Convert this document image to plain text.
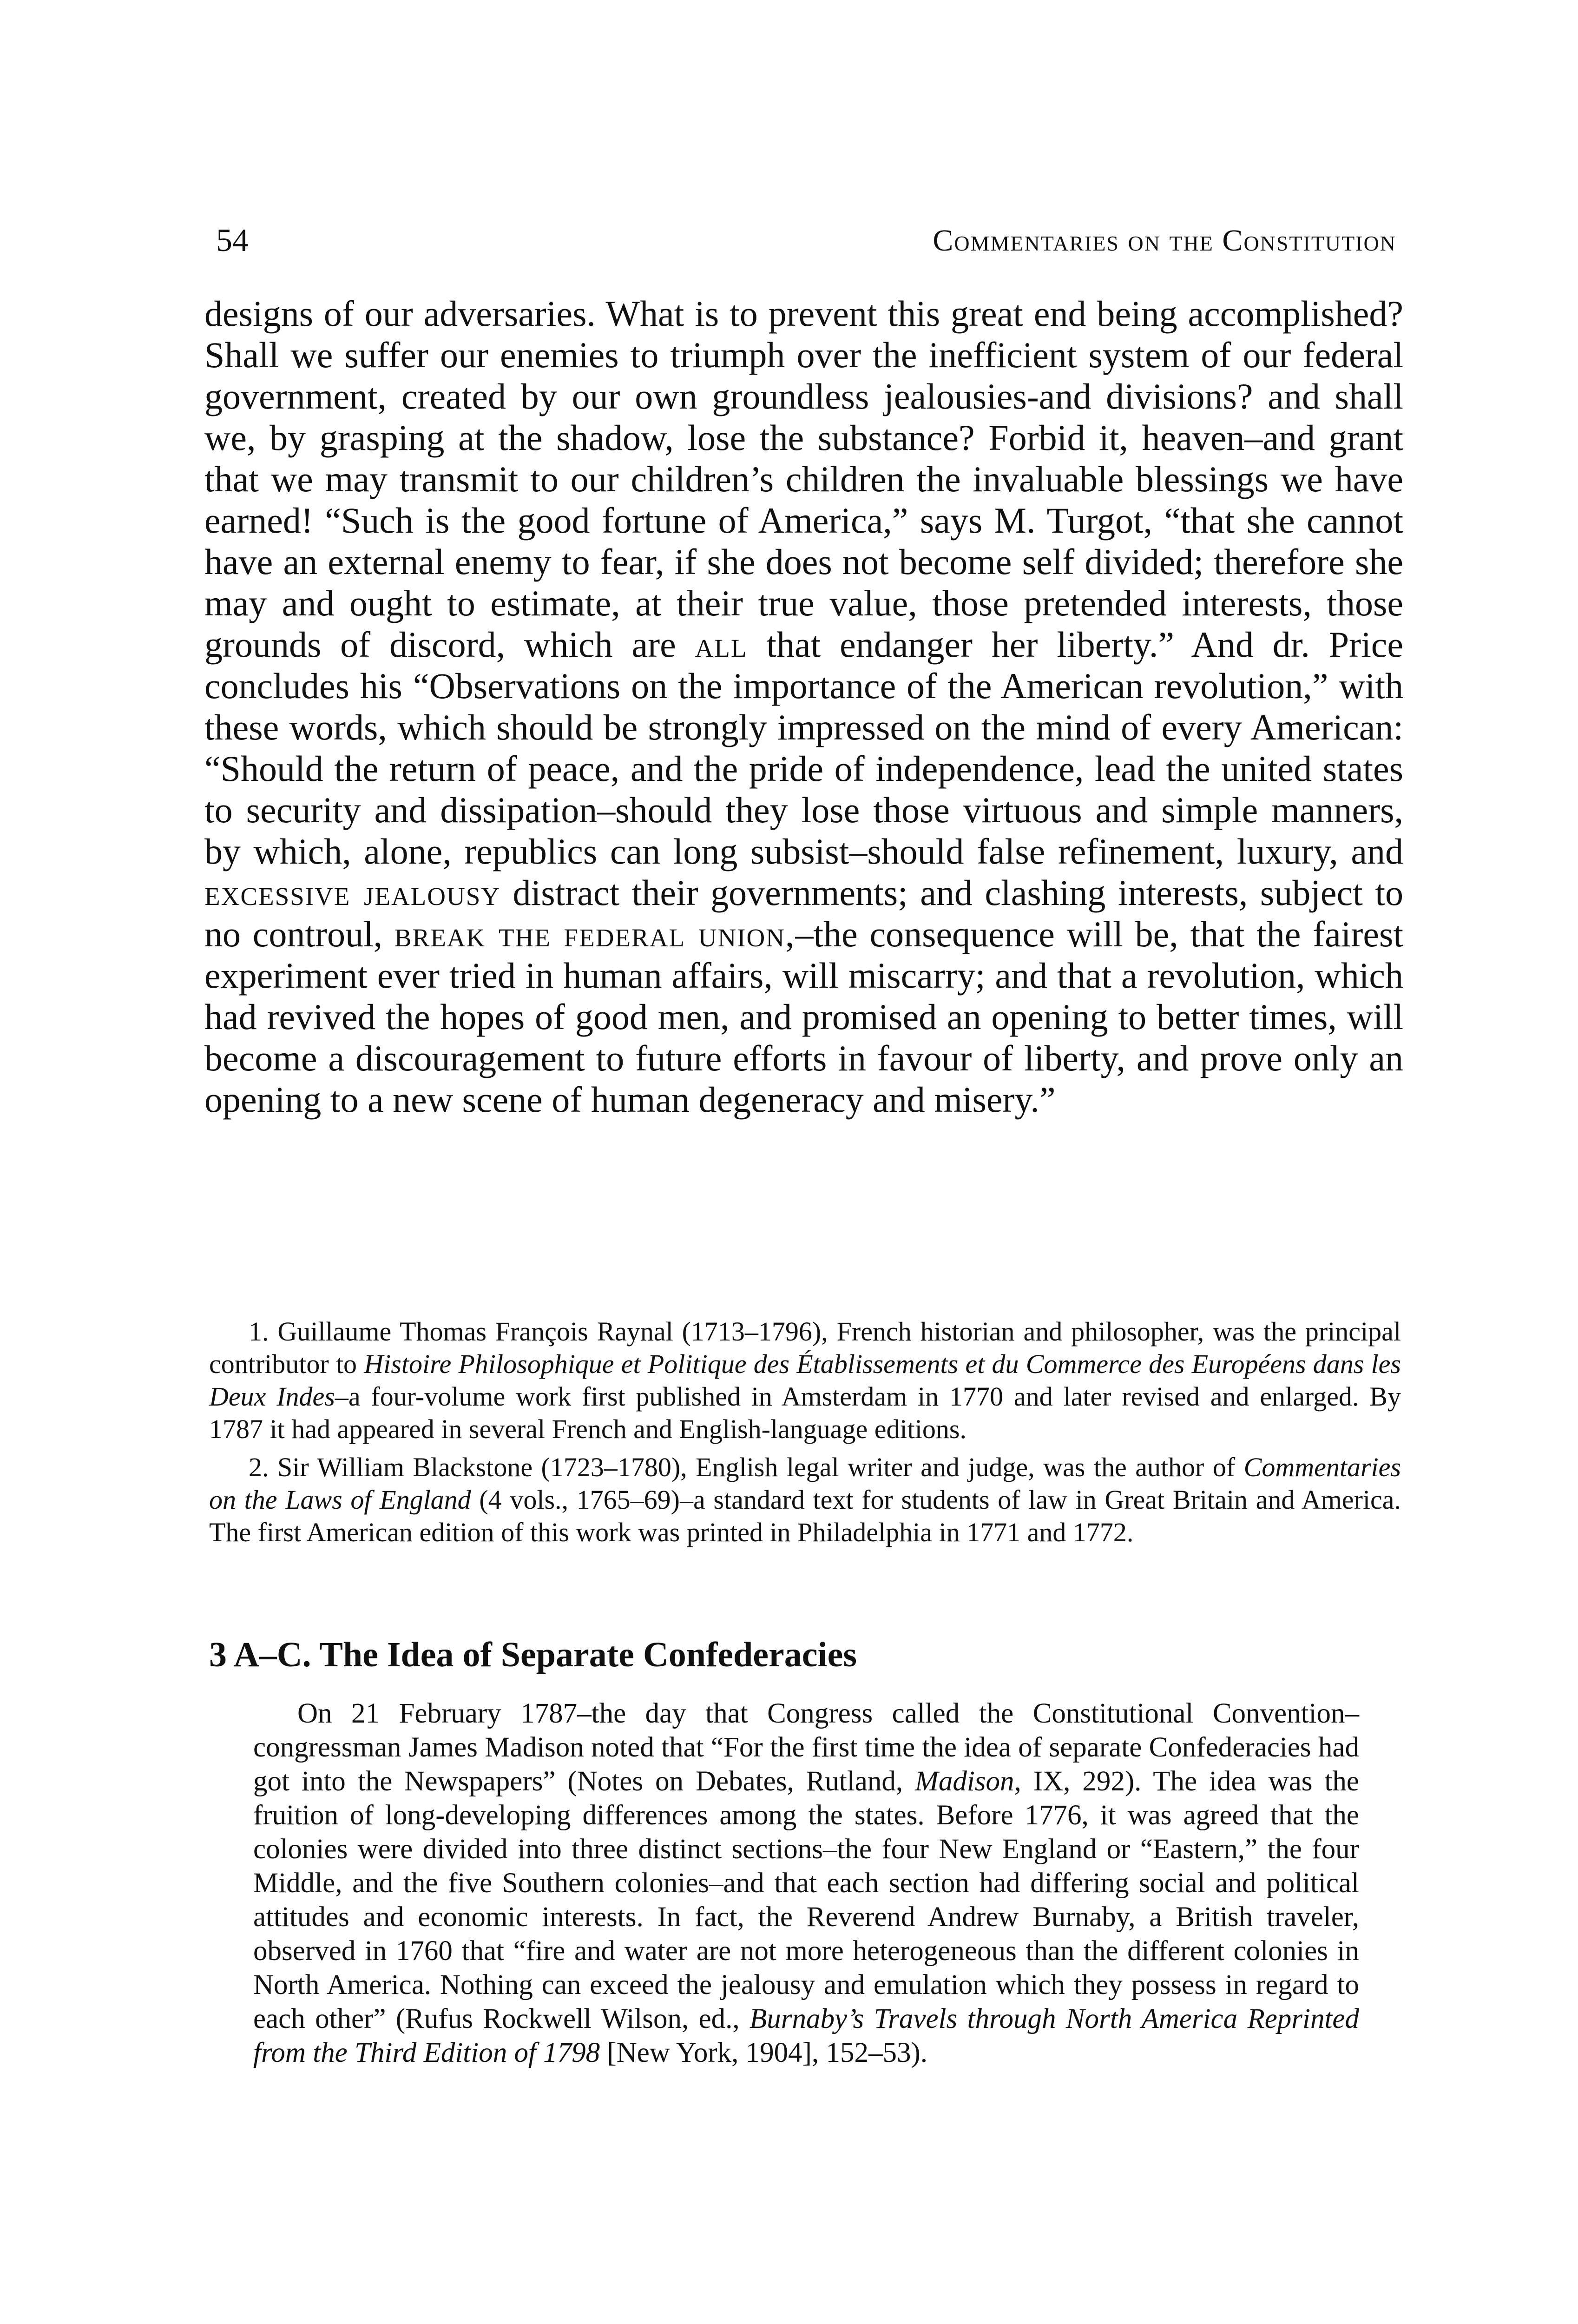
54	Commentaries on the Constitution

designs of our adversaries. What is to prevent this great end being accomplished? Shall we suffer our enemies to triumph over the inefficient system of our federal government, created by our own groundless jealousies-and divisions? and shall we, by grasping at the shadow, lose the substance? Forbid it, heaven–and grant that we may transmit to our children’s children the invaluable blessings we have earned! “Such is the good fortune of America,” says M. Turgot, “that she cannot have an external enemy to fear, if she does not become self divided; therefore she may and ought to estimate, at their true value, those pretended interests, those grounds of discord, which are all that endanger her liberty.” And dr. Price concludes his “Observations on the importance of the American revolution,” with these words, which should be strongly impressed on the mind of every American: “Should the return of peace, and the pride of independence, lead the united states to security and dissipation–should they lose those virtuous and simple manners, by which, alone, republics can long subsist–should false refinement, luxury, and excessive jealousy distract their governments; and clashing interests, subject to no controul, break the federal union,–the consequence will be, that the fairest experiment ever tried in human affairs, will miscarry; and that a revolution, which had revived the hopes of good men, and promised an opening to better times, will become a discouragement to future efforts in favour of liberty, and prove only an opening to a new scene of human degeneracy and misery.”

1. Guillaume Thomas François Raynal (1713–1796), French historian and philosopher, was the principal contributor to Histoire Philosophique et Politique des Établissements et du Commerce des Européens dans les Deux Indes–a four-volume work first published in Amsterdam in 1770 and later revised and enlarged. By 1787 it had appeared in several French and English-language editions.

2. Sir William Blackstone (1723–1780), English legal writer and judge, was the author of Commentaries on the Laws of England (4 vols., 1765–69)–a standard text for students of law in Great Britain and America. The first American edition of this work was printed in Philadelphia in 1771 and 1772.

3 A–C. The Idea of Separate Confederacies

On 21 February 1787–the day that Congress called the Constitutional Convention–congressman James Madison noted that “For the first time the idea of separate Confederacies had got into the Newspapers” (Notes on Debates, Rutland, Madison, IX, 292). The idea was the fruition of long-developing differences among the states. Before 1776, it was agreed that the colonies were divided into three distinct sections–the four New England or “Eastern,” the four Middle, and the five Southern colonies–and that each section had differing social and political attitudes and economic interests. In fact, the Reverend Andrew Burnaby, a British traveler, observed in 1760 that “fire and water are not more heterogeneous than the different colonies in North America. Nothing can exceed the jealousy and emulation which they possess in regard to each other” (Rufus Rockwell Wilson, ed., Burnaby’s Travels through North America Reprinted from the Third Edition of 1798 [New York, 1904], 152–53).
